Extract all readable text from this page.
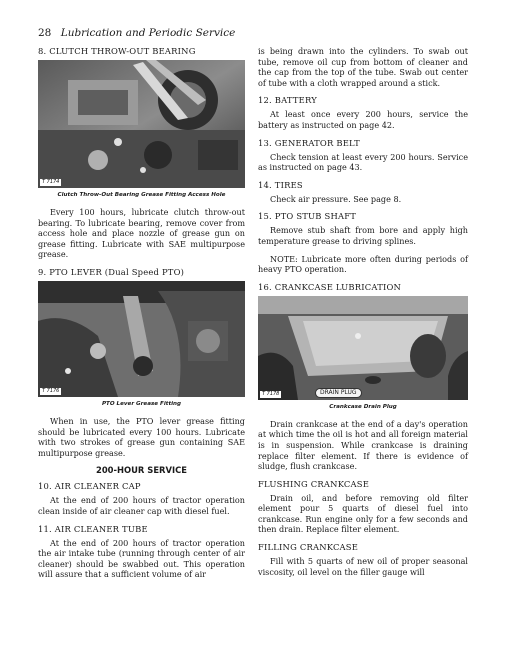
28 Lubrication and Periodic Service
8. CLUTCH THROW-OUT BEARING
T 7174
Clutch Throw-Out Bearing Grease Fitting Access Hole
Every 100 hours, lubricate clutch throw-out bearing. To lubricate bearing, remove cover from access hole and place nozzle of grease gun on grease fitting. Lubricate with SAE multipurpose grease.
9. PTO LEVER (Dual Speed PTO)
T 7176
PTO Lever Grease Fitting
When in use, the PTO lever grease fitting should be lubricated every 100 hours. Lubricate with two strokes of grease gun containing SAE multipurpose grease.
200-HOUR SERVICE
10. AIR CLEANER CAP
At the end of 200 hours of tractor operation clean inside of air cleaner cap with diesel fuel.
11. AIR CLEANER TUBE
At the end of 200 hours of tractor operation the air intake tube (running through center of air cleaner) should be swabbed out. This operation will assure that a sufficient volume of air
is being drawn into the cylinders. To swab out tube, remove oil cup from bottom of cleaner and the cap from the top of the tube. Swab out center of tube with a cloth wrapped around a stick.
12. BATTERY
At least once every 200 hours, service the battery as instructed on page 42.
13. GENERATOR BELT
Check tension at least every 200 hours. Service as instructed on page 43.
14. TIRES
Check air pressure. See page 8.
15. PTO STUB SHAFT
Remove stub shaft from bore and apply high temperature grease to driving splines.
NOTE: Lubricate more often during periods of heavy PTO operation.
16. CRANKCASE LUBRICATION
T 7178	DRAIN PLUG
Crankcase Drain Plug
Drain crankcase at the end of a day's operation at which time the oil is hot and all foreign material is in suspension. While crankcase is draining replace filter element. If there is evidence of sludge, flush crankcase.
FLUSHING CRANKCASE
Drain oil, and before removing old filter element pour 5 quarts of diesel fuel into crankcase. Run engine only for a few seconds and then drain. Replace filter element.
FILLING CRANKCASE
Fill with 5 quarts of new oil of proper seasonal viscosity, oil level on the filler gauge will
